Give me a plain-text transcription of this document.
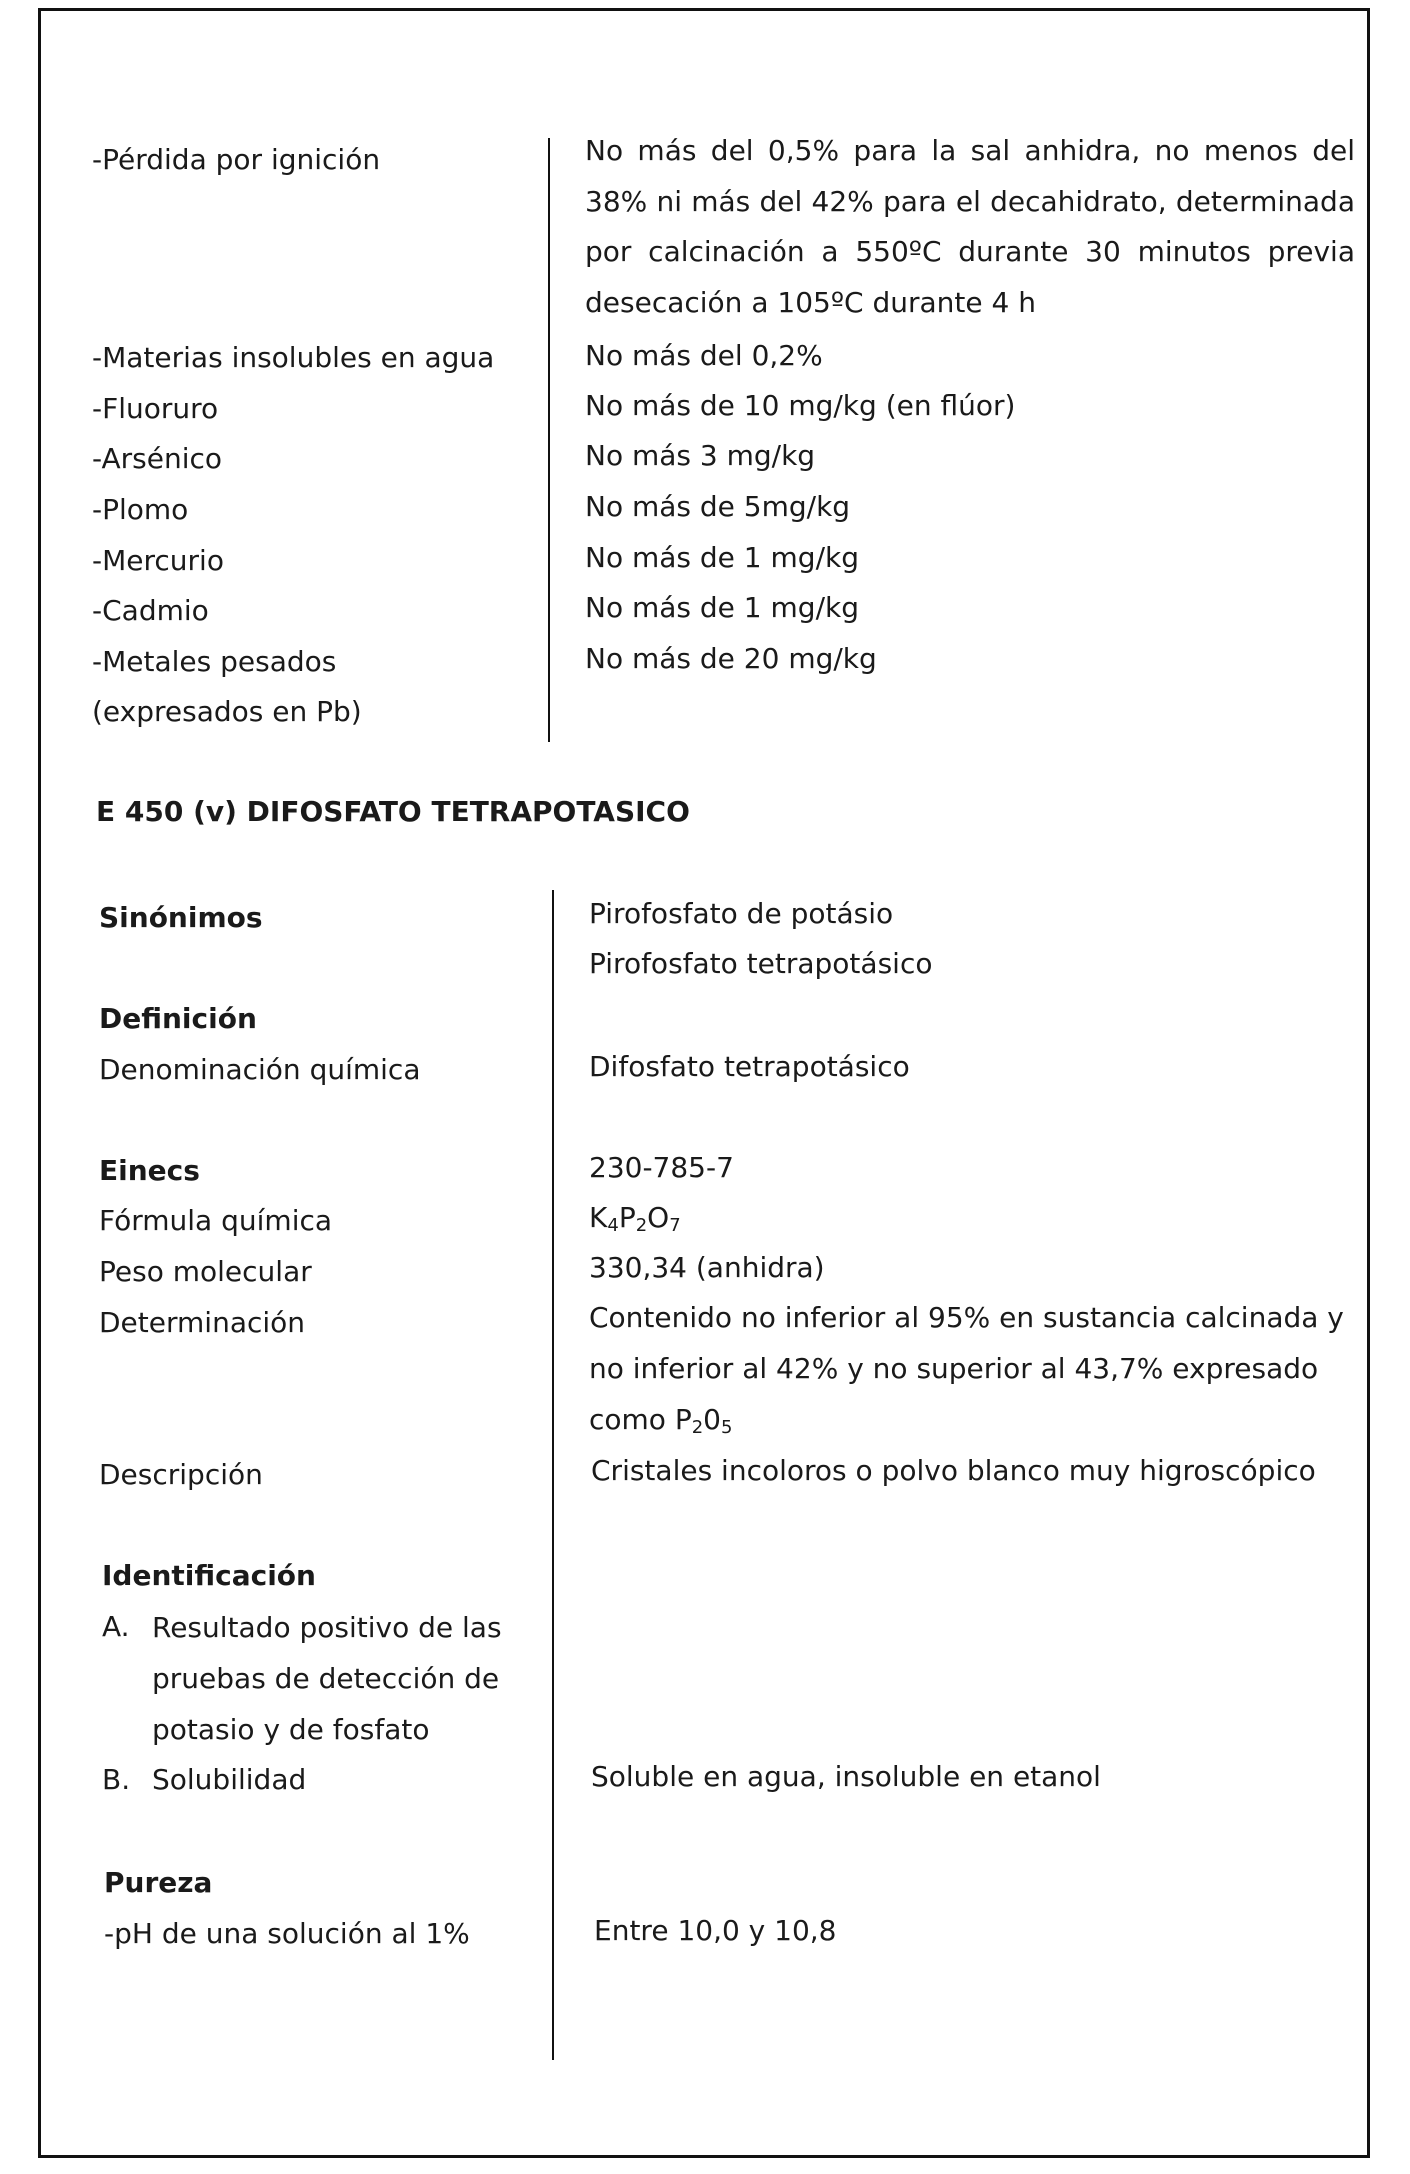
-Pérdida por ignición	No más del 0,5% para la sal anhidra, no menos del 38% ni más del 42% para el decahidrato, determinada por calcinación a 550ºC durante 30 minutos previa desecación a 105ºC durante 4 h
-Materias insolubles en agua	No más del 0,2%
-Fluoruro	No más de 10 mg/kg (en flúor)
-Arsénico	No más 3 mg/kg
-Plomo	No más de 5mg/kg
-Mercurio	No más de 1 mg/kg
-Cadmio	No más de 1 mg/kg
-Metales pesados	No más de 20 mg/kg
(expresados en Pb)
E 450 (v) DIFOSFATO TETRAPOTASICO
Sinónimos	Pirofosfato de potásio
Pirofosfato tetrapotásico
Definición
Denominación química	Difosfato tetrapotásico
Einecs	230-785-7
Fórmula química	$K_4P_2O_7$
Peso molecular	330,34 (anhidra)
Determinación	Contenido no inferior al 95% en sustancia calcinada y no inferior al 42% y no superior al 43,7% expresado
como $P_20_5$
Descripción	Cristales incoloros o polvo blanco muy higroscópico
Identificación
A. Resultado positivo de las pruebas de detección de potasio y de fosfato
B. Solubilidad	Soluble en agua, insoluble en etanol
Pureza
-pH de una solución al 1%	Entre 10,0 y 10,8
